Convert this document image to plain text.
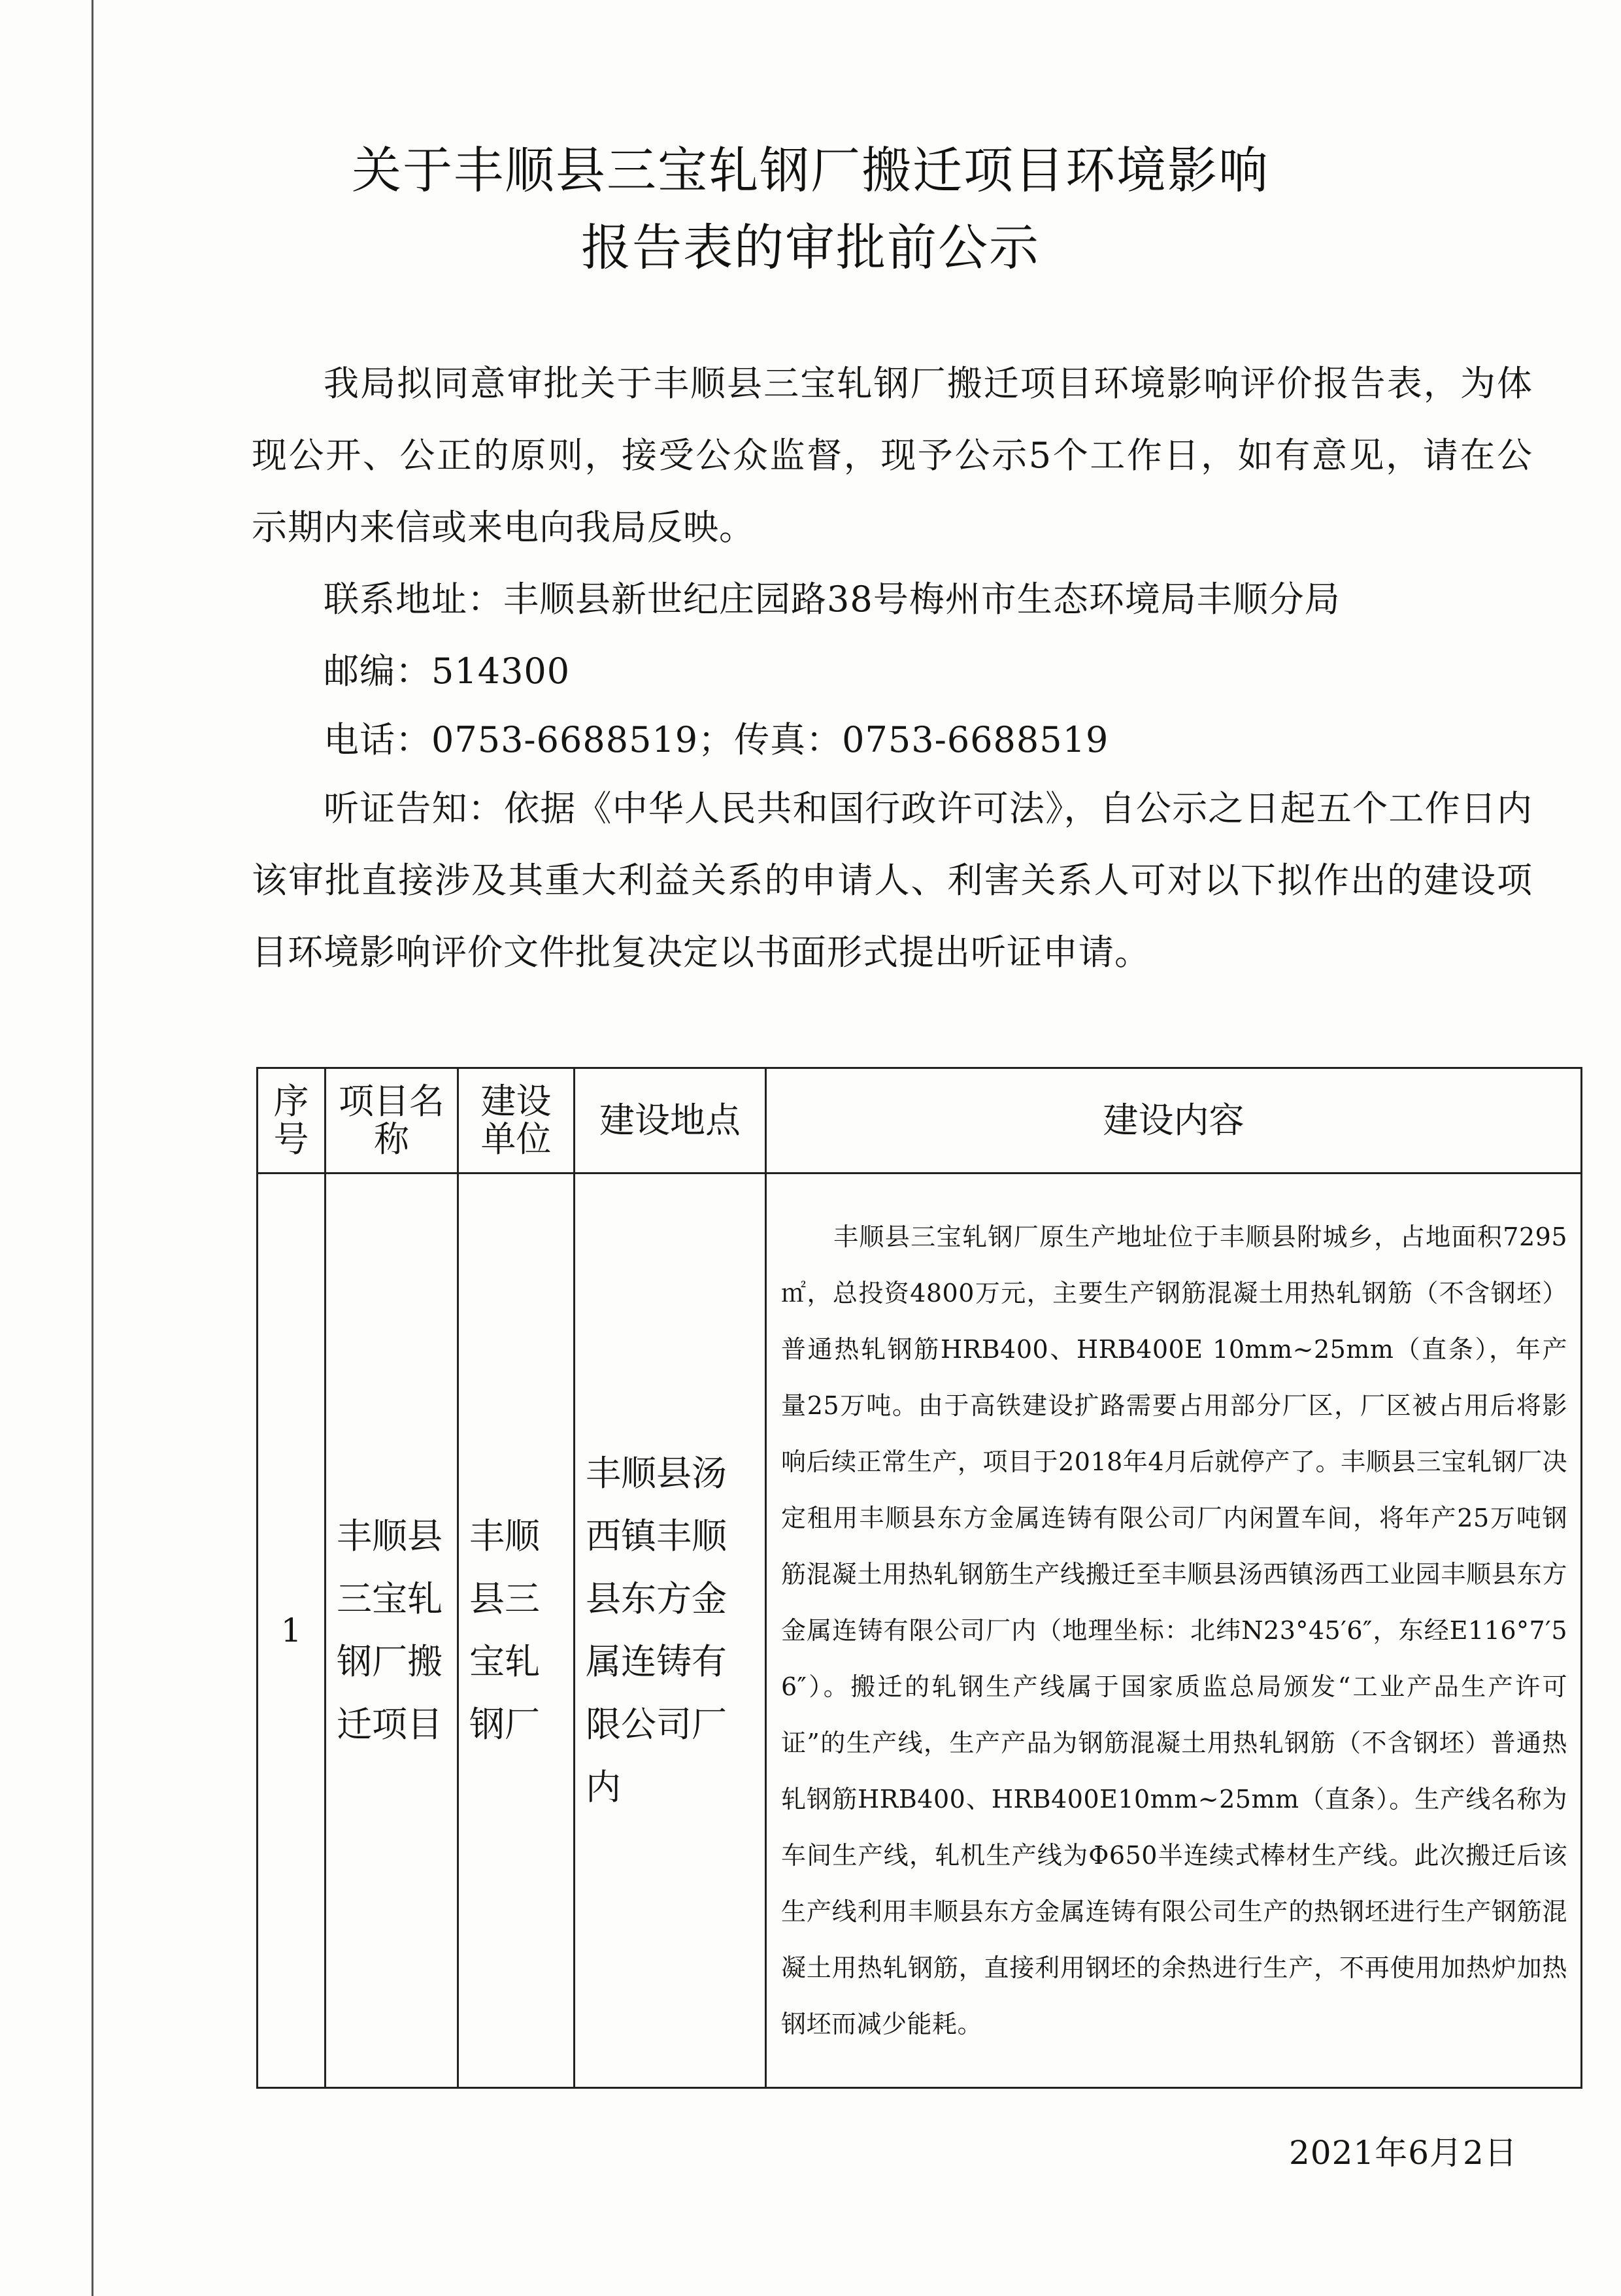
关于丰顺县三宝轧钢厂搬迁项目环境影响
报告表的审批前公示
我局拟同意审批关于丰顺县三宝轧钢厂搬迁项目环境影响评价报告表，为体现公开、公正的原则，接受公众监督，现予公示5个工作日，如有意见，请在公示期内来信或来电向我局反映。
联系地址：丰顺县新世纪庄园路38号梅州市生态环境局丰顺分局
邮编：514300
电话：0753-6688519；传真：0753-6688519
听证告知：依据《中华人民共和国行政许可法》，自公示之日起五个工作日内该审批直接涉及其重大利益关系的申请人、利害关系人可对以下拟作出的建设项目环境影响评价文件批复决定以书面形式提出听证申请。
序号	项目名称	建设单位	建设地点	建设内容
1	丰顺县三宝轧钢厂搬迁项目	丰顺县三宝轧钢厂	丰顺县汤西镇丰顺县东方金属连铸有限公司厂内	丰顺县三宝轧钢厂原生产地址位于丰顺县附城乡，占地面积7295㎡，总投资4800万元，主要生产钢筋混凝土用热轧钢筋（不含钢坯）普通热轧钢筋HRB400、HRB400E 10mm~25mm（直条），年产量25万吨。由于高铁建设扩路需要占用部分厂区，厂区被占用后将影响后续正常生产，项目于2018年4月后就停产了。丰顺县三宝轧钢厂决定租用丰顺县东方金属连铸有限公司厂内闲置车间，将年产25万吨钢筋混凝土用热轧钢筋生产线搬迁至丰顺县汤西镇汤西工业园丰顺县东方金属连铸有限公司厂内（地理坐标：北纬N23°45′6″，东经E116°7′56″）。搬迁的轧钢生产线属于国家质监总局颁发“工业产品生产许可证”的生产线，生产产品为钢筋混凝土用热轧钢筋（不含钢坯）普通热轧钢筋HRB400、HRB400E10mm~25mm（直条）。生产线名称为车间生产线，轧机生产线为Φ650半连续式棒材生产线。此次搬迁后该生产线利用丰顺县东方金属连铸有限公司生产的热钢坯进行生产钢筋混凝土用热轧钢筋，直接利用钢坯的余热进行生产，不再使用加热炉加热钢坯而减少能耗。
2021年6月2日
